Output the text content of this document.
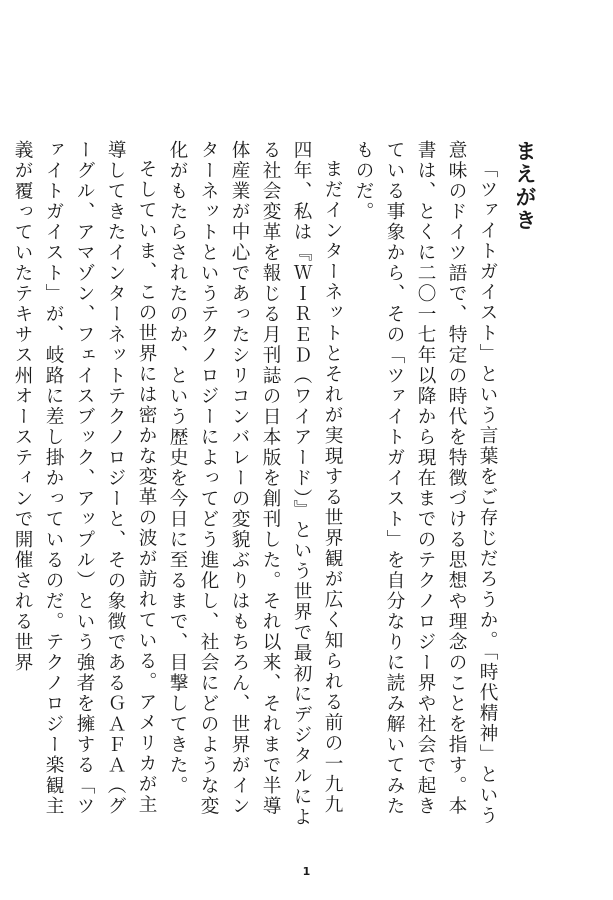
まえがき

「ツァイトガイスト」という言葉をご存じだろうか。「時代精神」という意味のドイツ語で、特定の時代を特徴づける思想や理念のことを指す。本書は、とくに二〇一七年以降から現在までのテクノロジー界や社会で起きている事象から、その「ツァイトガイスト」を自分なりに読み解いてみたものだ。

まだインターネットとそれが実現する世界観が広く知られる前の一九九四年、私は『ＷＩＲＥＤ（ワイアード）』という世界で最初にデジタルによる社会変革を報じる月刊誌の日本版を創刊した。それ以来、それまで半導体産業が中心であったシリコンバレーの変貌ぶりはもちろん、世界がインターネットというテクノロジーによってどう進化し、社会にどのような変化がもたらされたのか、という歴史を今日に至るまで、目撃してきた。

そしていま、この世界には密かな変革の波が訪れている。アメリカが主導してきたインターネットテクノロジーと、その象徴であるＧＡＦＡ（グーグル、アマゾン、フェイスブック、アップル）という強者を擁する「ツァイトガイスト」が、岐路に差し掛かっているのだ。テクノロジー楽観主義が覆っていたテキサス州オースティンで開催される世界

1
